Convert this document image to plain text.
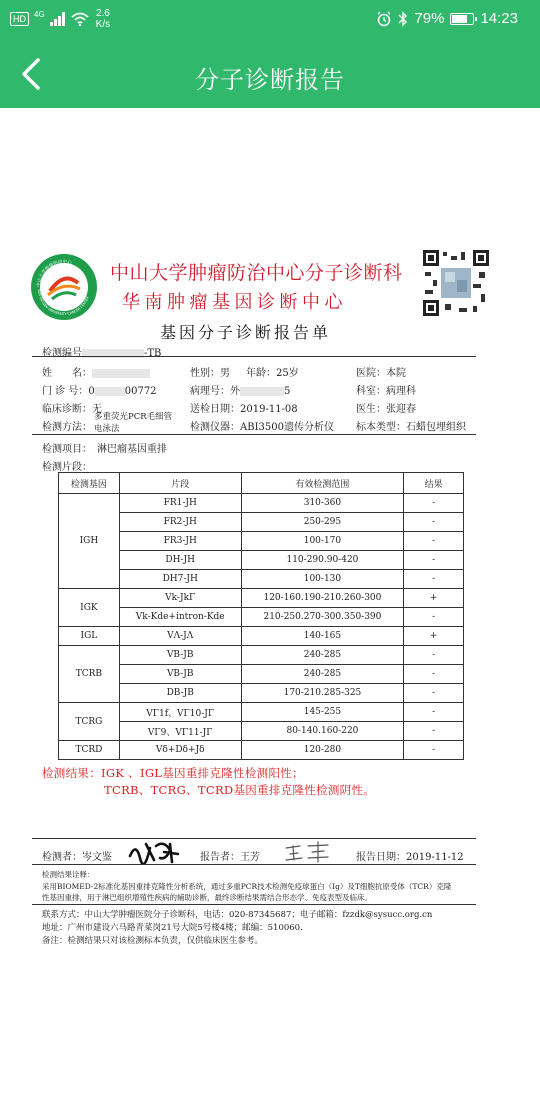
HD	4G	2.6
K/s	79% 14:23
分子诊断报告
中山大学肿瘤防治中心
SUN YAT-SEN UNIVERSITY CANCER CENTER
中山大学肿瘤防治中心分子诊断科
华南肿瘤基因诊断中心
基因分子诊断报告单
检测编号	-TB
姓　　名：	性别：男 年龄：25岁	医院：本院
门 诊 号：0	00772	病理号：外	5	科室：病理科
临床诊断：无	送检日期：2019-11-08	医生：张迎春
检测方法：
多重荧光PCR毛细管
电泳法	检测仪器：ABI3500遗传分析仪 标本类型：石蜡包埋组织
检测项目：　 淋巴瘤基因重排
检测片段：
检测基因	片段	有效检测范围	结果
IGH	FR1-JH	310-360	-
	FR2-JH	250-295	-
	FR3-JH	100-170	-
	DH-JH	110-290.90-420	-
	DH7-JH	100-130	-
IGK	Vk-JkΓ	120-160.190-210.260-300	+
	Vk-Kde+intron-Kde	210-250.270-300.350-390	-
IGL	VΛ-JΛ	140-165	+
TCRB	VB-JB	240-285	-
	VB-JB	240-285	-
	DB-JB	170-210.285-325	-
TCRG	VΓ1f、VΓ10-JΓ	145-255	-
	VΓ9、VΓ11-JΓ	80-140.160-220	-
TCRD	Vδ+Dδ+Jδ	120-280	-
检测结果：IGK 、IGL基因重排克隆性检测阳性；
TCRB、TCRG、TCRD基因重排克隆性检测阴性。
检测者：岑文鉴	报告者：王芳	报告日期：2019-11-12
检测结果诠释：
采用BIOMED-2标准化基因重排克隆性分析系统，通过多重PCR技术检测免疫球蛋白（Ig）及T细胞抗原受体（TCR）克隆
性基因重排，用于淋巴组织增殖性疾病的辅助诊断，最终诊断结果需结合形态学、免疫表型及临床。
联系方式：中山大学肿瘤医院分子诊断科，电话：020-87345687；电子邮箱：fzzdk@sysucc.org.cn
地址：广州市建设六马路青菜岗21号大院5号楼4楼；邮编：510060.
备注：检测结果只对该检测标本负责，仅供临床医生参考。
